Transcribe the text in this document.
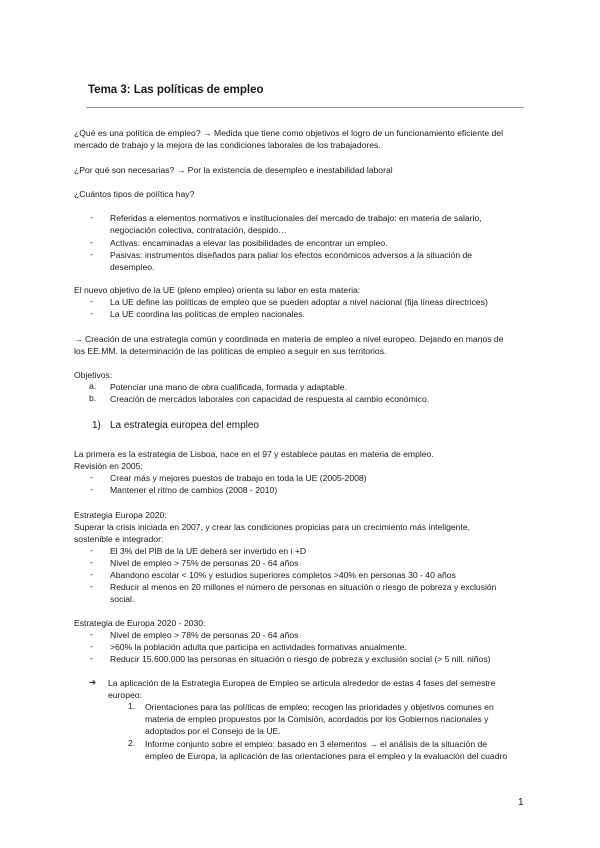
Tema 3: Las políticas de empleo
¿Qué es una política de empleo? → Medida que tiene como objetivos el logro de un funcionamiento eficiente del
mercado de trabajo y la mejora de las condiciones laborales de los trabajadores.
¿Por qué son necesarias? → Por la existencia de desempleo e inestabilidad laboral
¿Cuántos tipos de política hay?
- Referidas a elementos normativos e institucionales del mercado de trabajo: en materia de salario,
negociación colectiva, contratación, despido…
- Activas: encaminadas a elevar las posibilidades de encontrar un empleo.
- Pasivas: instrumentos diseñados para paliar los efectos económicos adversos a la situación de
desempleo.
El nuevo objetivo de la UE (pleno empleo) orienta su labor en esta materia:
- La UE define las políticas de empleo que se pueden adoptar a nivel nacional (fija líneas directrices)
- La UE coordina las políticas de empleo nacionales.
→ Creación de una estrategia común y coordinada en materia de empleo a nivel europeo. Dejando en manos de
los EE.MM. la determinación de las políticas de empleo a seguir en sus territorios.
Objetivos:
a. Potenciar una mano de obra cualificada, formada y adaptable.
b. Creación de mercados laborales con capacidad de respuesta al cambio económico.
1) La estrategia europea del empleo
La primera es la estrategia de Lisboa, nace en el 97 y establece pautas en materia de empleo.
Revisión en 2005:
- Crear más y mejores puestos de trabajo en toda la UE (2005-2008)
- Mantener el ritmo de cambios (2008 - 2010)
Estrategia Europa 2020:
Superar la crisis iniciada en 2007, y crear las condiciones propicias para un crecimiento más inteligente,
sostenible e integrador:
- El 3% del PIB de la UE deberá ser invertido en i +D
- Nivel de empleo > 75% de personas 20 - 64 años
- Abandono escolar < 10% y estudios superiores completos >40% en personas 30 - 40 años
- Reducir al menos en 20 millones el número de personas en situación o riesgo de pobreza y exclusión
social.
Estrategia de Europa 2020 - 2030:
- Nivel de empleo > 78% de personas 20 - 64 años
- >60% la población adulta que participa en actividades formativas anualmente.
- Reducir 15.600.000 las personas en situación o riesgo de pobreza y exclusión social (> 5 nill. niños)
➔ La aplicación de la Estrategia Europea de Empleo se articula alrededor de estas 4 fases del semestre
europeo:
1. Orientaciones para las políticas de empleo: recogen las prioridades y objetivos comunes en
materia de empleo propuestos por la Comisión, acordados por los Gobiernos nacionales y
adoptados por el Consejo de la UE.
2. Informe conjunto sobre el empleo: basado en 3 elementos → el análisis de la situación de
empleo de Europa, la aplicación de las orientaciones para el empleo y la evaluación del cuadro
1
